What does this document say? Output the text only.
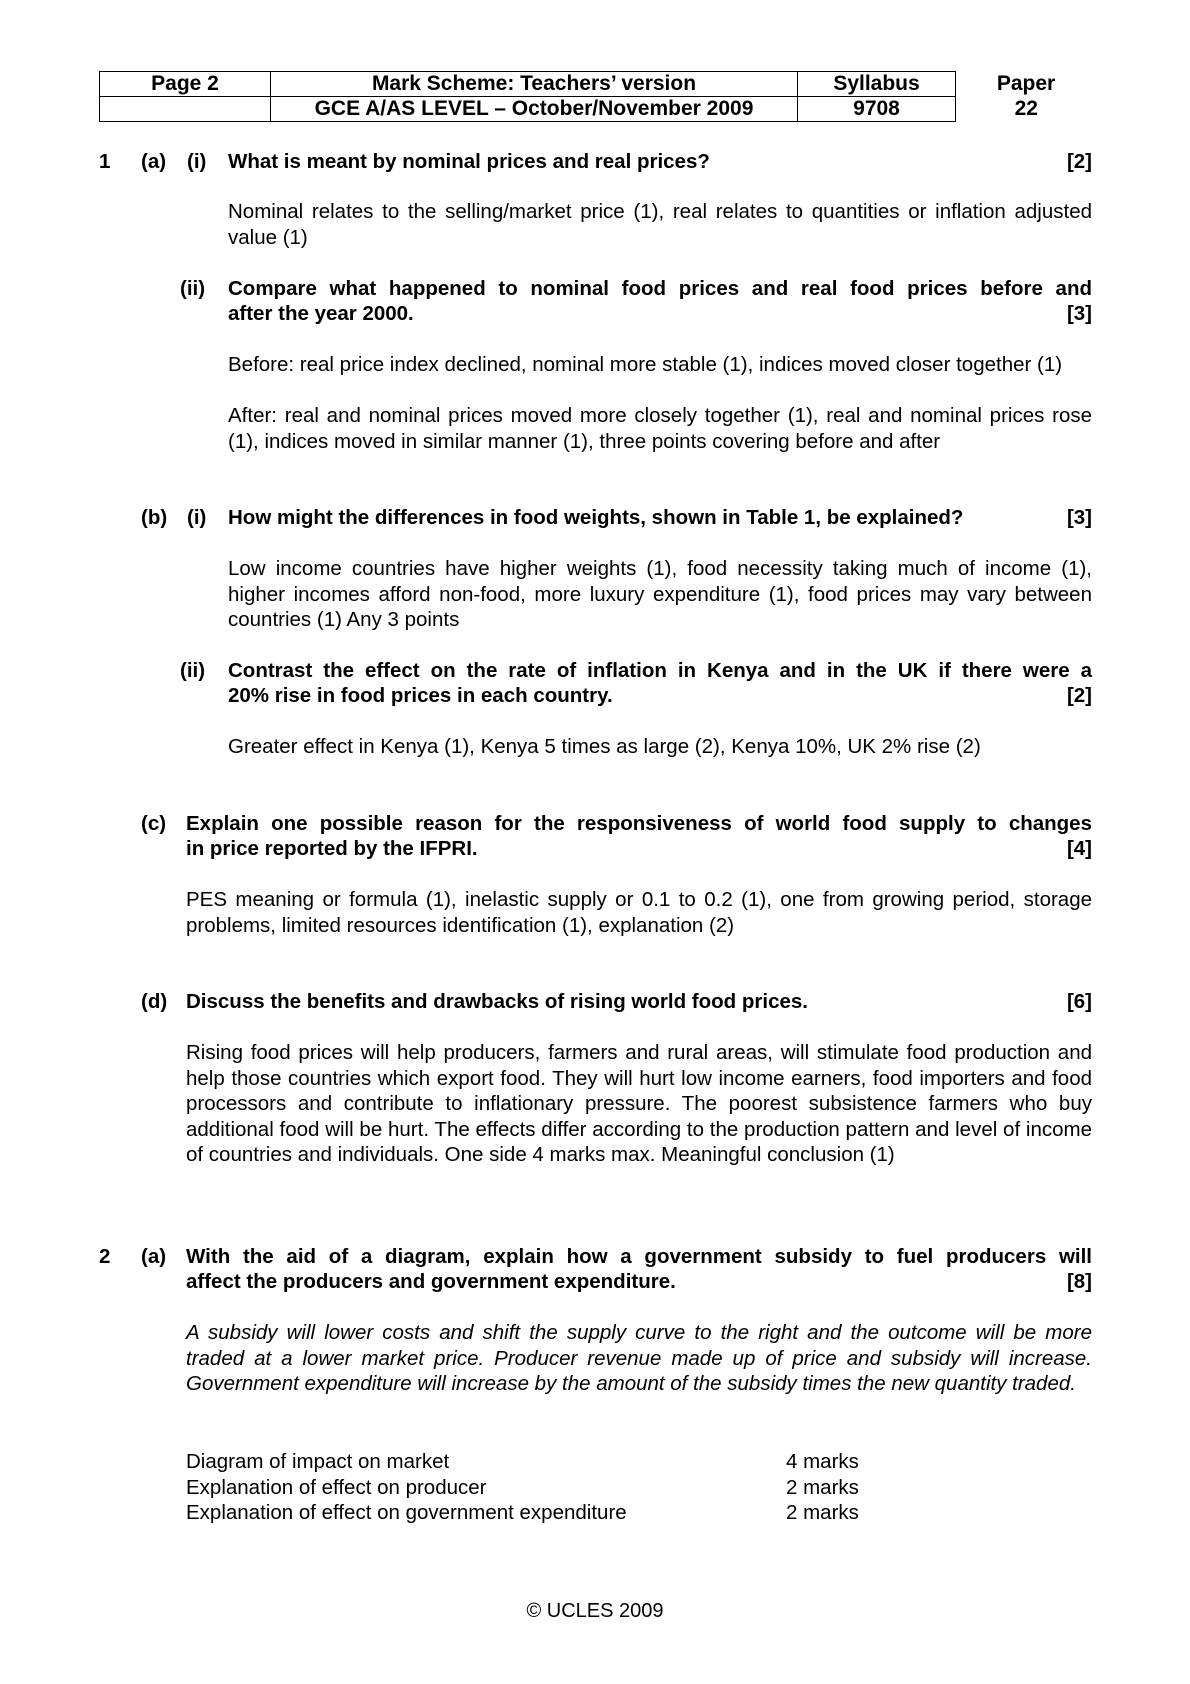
Page 2	Mark Scheme: Teachers’ version	Syllabus	Paper
	GCE A/AS LEVEL – October/November 2009	9708	22
1 (a) (i) What is meant by nominal prices and real prices?	[2]
Nominal relates to the selling/market price (1), real relates to quantities or inflation adjusted value (1)
(ii) Compare what happened to nominal food prices and real food prices before and
after the year 2000.	[3]
Before: real price index declined, nominal more stable (1), indices moved closer together (1)
After: real and nominal prices moved more closely together (1), real and nominal prices rose (1), indices moved in similar manner (1), three points covering before and after
(b) (i) How might the differences in food weights, shown in Table 1, be explained?	[3]
Low income countries have higher weights (1), food necessity taking much of income (1), higher incomes afford non-food, more luxury expenditure (1), food prices may vary between countries (1) Any 3 points
(ii) Contrast the effect on the rate of inflation in Kenya and in the UK if there were a
20% rise in food prices in each country.	[2]
Greater effect in Kenya (1), Kenya 5 times as large (2), Kenya 10%, UK 2% rise (2)
(c) Explain one possible reason for the responsiveness of world food supply to changes
in price reported by the IFPRI.	[4]
PES meaning or formula (1), inelastic supply or 0.1 to 0.2 (1), one from growing period, storage problems, limited resources identification (1), explanation (2)
(d) Discuss the benefits and drawbacks of rising world food prices.	[6]
Rising food prices will help producers, farmers and rural areas, will stimulate food production and help those countries which export food. They will hurt low income earners, food importers and food processors and contribute to inflationary pressure. The poorest subsistence farmers who buy additional food will be hurt. The effects differ according to the production pattern and level of income of countries and individuals. One side 4 marks max. Meaningful conclusion (1)
2 (a) With the aid of a diagram, explain how a government subsidy to fuel producers will
affect the producers and government expenditure.	[8]
A subsidy will lower costs and shift the supply curve to the right and the outcome will be more traded at a lower market price. Producer revenue made up of price and subsidy will increase. Government expenditure will increase by the amount of the subsidy times the new quantity traded.
Diagram of impact on market	4 marks
Explanation of effect on producer	2 marks
Explanation of effect on government expenditure	2 marks
© UCLES 2009
